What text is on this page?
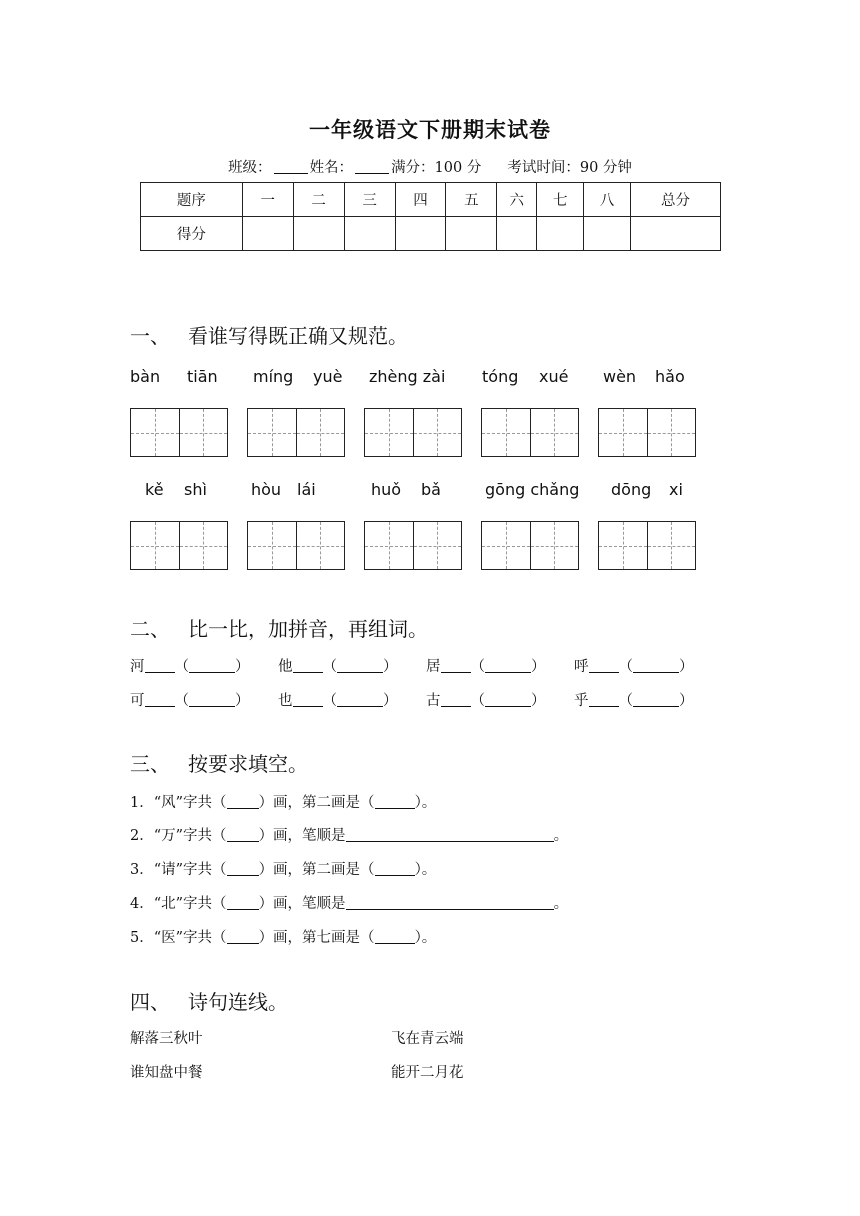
一年级语文下册期末试卷
班级：	姓名：	满分：100 分 考试时间：90 分钟
题序	一	二	三	四	五	六	七	八	总分
得分									
一、 看谁写得既正确又规范。
bàn tiān míng yuè zhèng zài tóng xué wèn hǎo
kě shì	hòu lái	huǒ bǎ	gōng chǎng dōng xi
二、 比一比，加拼音，再组词。
河 （	） 他 （	） 居 （	） 呼 （	）
可 （	） 也 （	） 古 （	） 乎 （	）
三、 按要求填空。
1．“风”字共（ ）画，第二画是（	）。
2．“万”字共（ ）画，笔顺是	。
3．“请”字共（ ）画，第二画是（	）。
4．“北”字共（ ）画，笔顺是	。
5．“医”字共（ ）画，第七画是（	）。
四、 诗句连线。
解落三秋叶	飞在青云端
谁知盘中餐	能开二月花
